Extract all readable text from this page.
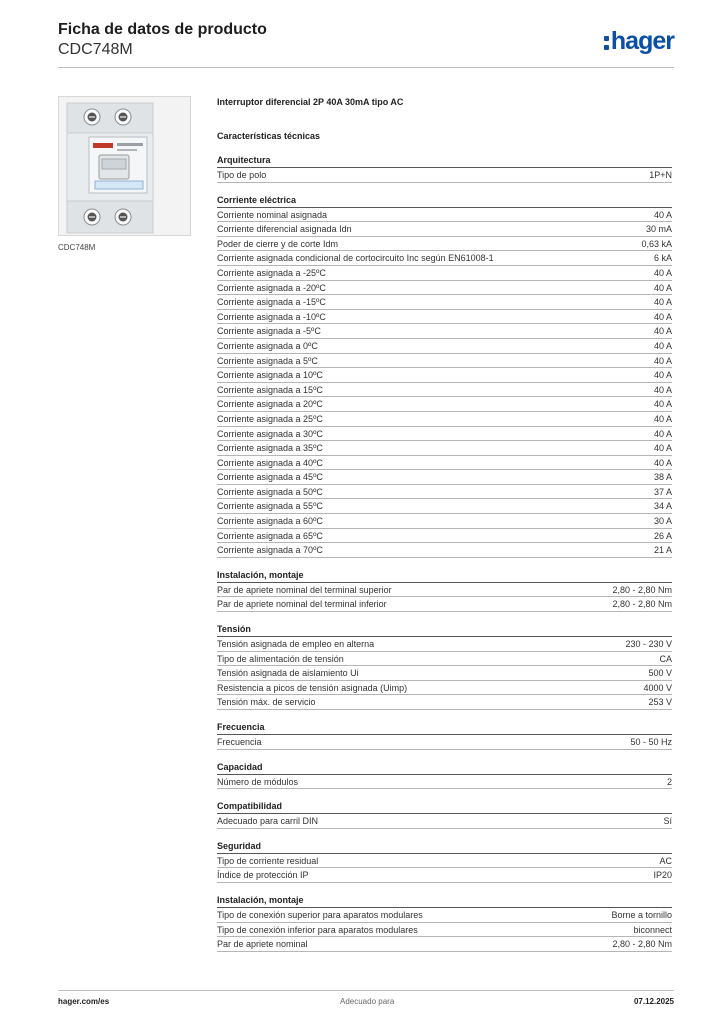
Ficha de datos de producto
CDC748M	hager
CDC748M
Interruptor diferencial 2P 40A 30mA tipo AC
Características técnicas
Arquitectura
Tipo de polo	1P+N
Corriente eléctrica
Corriente nominal asignada	40 A
Corriente diferencial asignada Idn	30 mA
Poder de cierre y de corte Idm	0,63 kA
Corriente asignada condicional de cortocircuito Inc según EN61008-1	6 kA
Corriente asignada a -25ºC	40 A
Corriente asignada a -20ºC	40 A
Corriente asignada a -15ºC	40 A
Corriente asignada a -10ºC	40 A
Corriente asignada a -5ºC	40 A
Corriente asignada a 0ºC	40 A
Corriente asignada a 5ºC	40 A
Corriente asignada a 10ºC	40 A
Corriente asignada a 15ºC	40 A
Corriente asignada a 20ºC	40 A
Corriente asignada a 25ºC	40 A
Corriente asignada a 30ºC	40 A
Corriente asignada a 35ºC	40 A
Corriente asignada a 40ºC	40 A
Corriente asignada a 45ºC	38 A
Corriente asignada a 50ºC	37 A
Corriente asignada a 55ºC	34 A
Corriente asignada a 60ºC	30 A
Corriente asignada a 65ºC	26 A
Corriente asignada a 70ºC	21 A
Instalación, montaje
Par de apriete nominal del terminal superior	2,80 - 2,80 Nm
Par de apriete nominal del terminal inferior	2,80 - 2,80 Nm
Tensión
Tensión asignada de empleo en alterna	230 - 230 V
Tipo de alimentación de tensión	CA
Tensión asignada de aislamiento Ui	500 V
Resistencia a picos de tensión asignada (Uimp)	4000 V
Tensión máx. de servicio	253 V
Frecuencia
Frecuencia	50 - 50 Hz
Capacidad
Número de módulos	2
Compatibilidad
Adecuado para carril DIN	Sí
Seguridad
Tipo de corriente residual	AC
Índice de protección IP	IP20
Instalación, montaje
Tipo de conexión superior para aparatos modulares	Borne a tornillo
Tipo de conexión inferior para aparatos modulares	biconnect
Par de apriete nominal	2,80 - 2,80 Nm
hager.com/es	Adecuado para	07.12.2025
